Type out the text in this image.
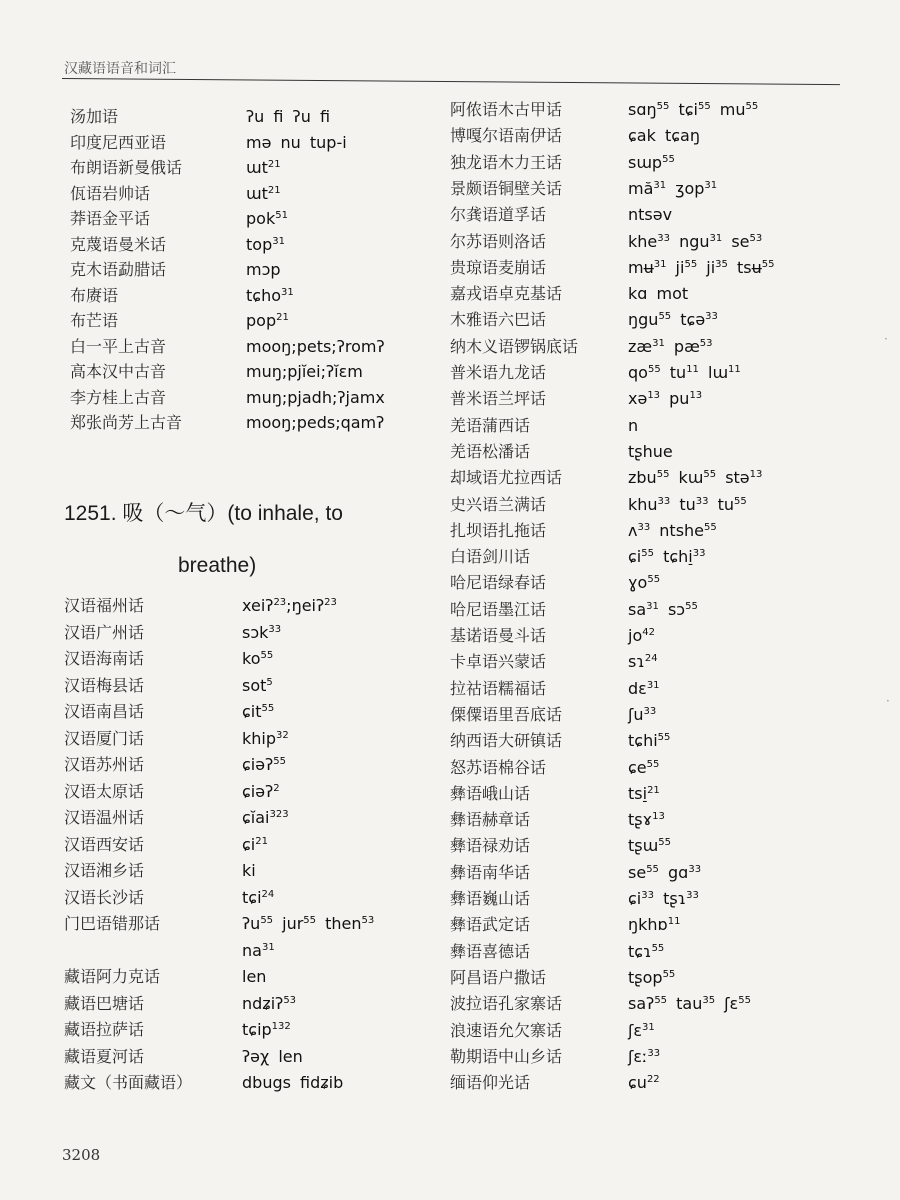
汉藏语语音和词汇
汤加语	ʔu fi ʔu fi
印度尼西亚语	mə nu tup-i
布朗语新曼俄话	ɯt$^{21}$
佤语岩帅话	ɯt$^{21}$
莽语金平话	pok$^{51}$
克蔑语曼米话	top$^{31}$
克木语勐腊话	mɔp
布赓语	tɕho$^{31}$
布芒语	pop$^{21}$
白一平上古音	mooŋ;pets;ʔromʔ
高本汉中古音	muŋ;pjĭei;ʔĭɛm
李方桂上古音	muŋ;pjadh;ʔjamx
郑张尚芳上古音	mooŋ;peds;qamʔ
1251. 吸（～气）(to inhale, to
breathe)
汉语福州话	xeiʔ$^{23}$;ŋeiʔ$^{23}$
汉语广州话	sɔk$^{33}$
汉语海南话	$ko^{55}$
汉语梅县话	sot$^5$
汉语南昌话	ɕit$^{55}$
汉语厦门话	khip$^{32}$
汉语苏州话	ɕiəʔ$^{55}$
汉语太原话	ɕiəʔ$^2$
汉语温州话	ɕĭai$^{323}$
汉语西安话	ɕi$^{21}$
汉语湘乡话	ki
汉语长沙话	tɕi$^{24}$
门巴语错那话	ʔu$^{55}$ jur$^{55}$ then$^{53}$
$na^{31}$
藏语阿力克话	len
藏语巴塘话	ndʑiʔ$^{53}$
藏语拉萨话	tɕip$^{132}$
藏语夏河话	ʔəχ len
藏文（书面藏语）	dbugs fidʑib
阿侬语木古甲话	sɑŋ$^{55}$ tɕi$^{55}$ $mu^{55}$
博嘎尔语南伊话	ɕak tɕaŋ
独龙语木力王话	sɯp$^{55}$
景颇语铜壁关话	$mă^{31}$ ʒop$^{31}$
尔龚语道孚话	ntsəv
尔苏语则洛话	khe$^{33}$ ngu$^{31}$ $se^{53}$
贵琼语麦崩话	mʉ$^{31}$ $ji^{55}$ $ji^{35}$ tsʉ$^{55}$
嘉戎语卓克基话	kɑ mot
木雅语六巴话	ŋgu$^{55}$ tɕə$^{33}$
纳木义语锣锅底话	$zæ^{31}$ $pæ^{53}$
普米语九龙话	$qo^{55}$ $tu^{11}$ lɯ$^{11}$
普米语兰坪话	xə$^{13}$ $pu^{13}$
羌语蒲西话	n
羌语松潘话	tʂhue
却域语尤拉西话	zbu$^{55}$ kɯ$^{55}$ stə$^{13}$
史兴语兰满话	khu$^{33}$ $tu^{33}$ $tu^{55}$
扎坝语扎拖话	ʌ$^{33}$ ntshe$^{55}$
白语剑川话	ɕi$^{55}$ tɕhi̠$^{33}$
哈尼语绿春话	ɣo$^{55}$
哈尼语墨江话	$sa^{31}$ sɔ$^{55}$
基诺语曼斗话	$jo^{42}$
卡卓语兴蒙话	sɿ$^{24}$
拉祜语糯福话	dɛ$^{31}$
傈僳语里吾底话	ʃu$^{33}$
纳西语大研镇话	tɕhi$^{55}$
怒苏语棉谷话	ɕe$^{55}$
彝语峨山话	tsi̠$^{21}$
彝语赫章话	tʂɤ$^{13}$
彝语禄劝话	tʂɯ$^{55}$
彝语南华话	$se^{55}$ gɑ$^{33}$
彝语巍山话	ɕi$^{33}$ tʂɿ$^{33}$
彝语武定话	ŋkhɒ$^{11}$
彝语喜德话	tɕɿ$^{55}$
阿昌语户撒话	tʂop$^{55}$
波拉语孔家寨话	saʔ$^{55}$ tau$^{35}$ ʃɛ$^{55}$
浪速语允欠寨话	ʃɛ$^{31}$
勒期语中山乡话	ʃɛː$^{33}$
缅语仰光话	ɕu$^{22}$
·
·
3208
